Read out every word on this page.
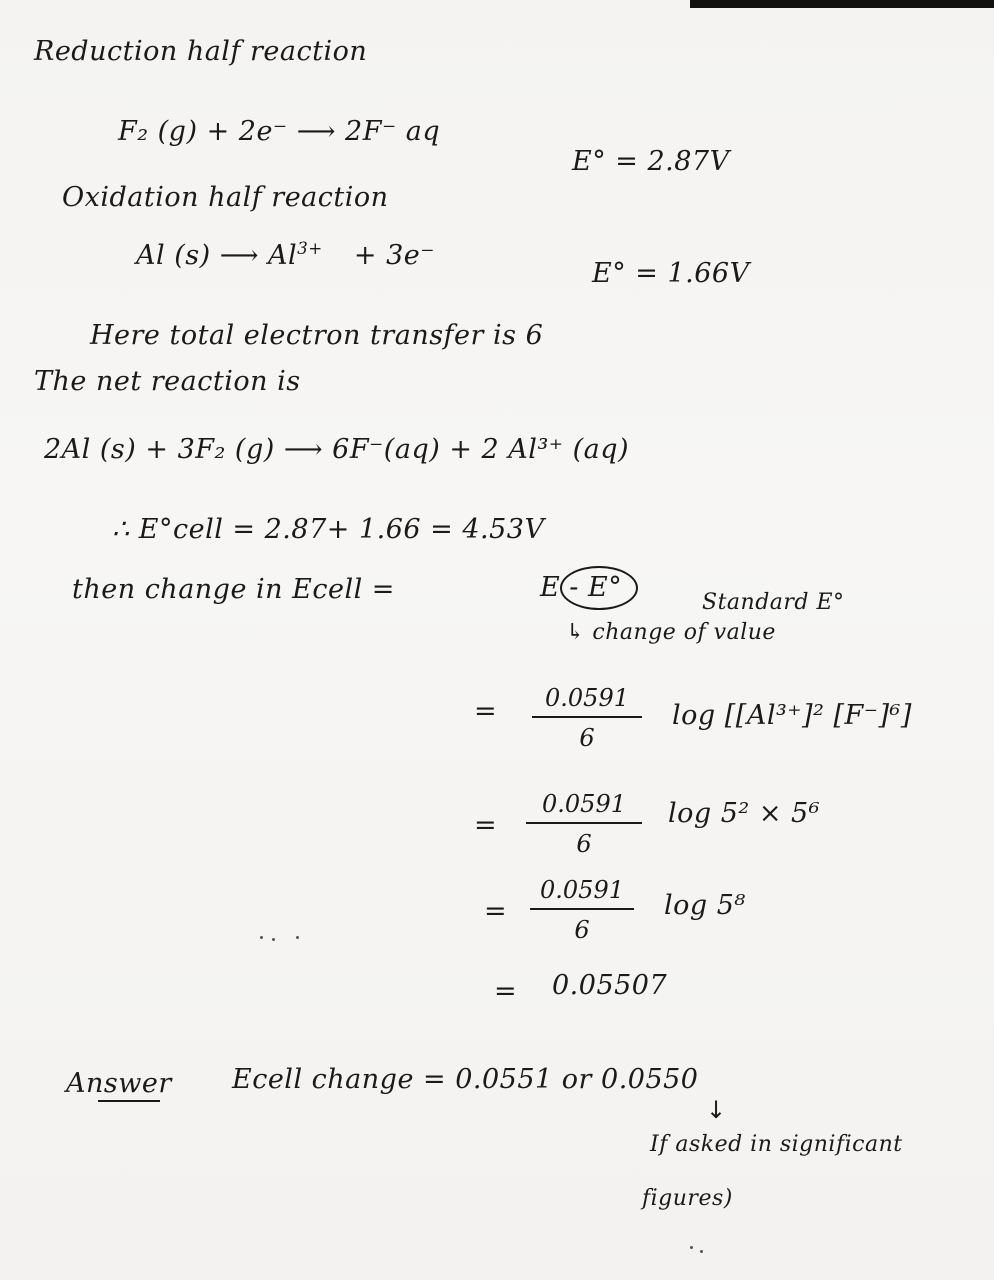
Reduction half reaction
F₂ (g) + 2e⁻ ⟶ 2F⁻ aq
E° = 2.87V
Oxidation half reaction
Al (s) ⟶ $Al^{3+} + 3e^-$
E° = 1.66V
Here total electron transfer is 6
The net reaction is
2Al (s) + 3F₂ (g) ⟶ 6F⁻(aq) + 2 Al³⁺ (aq)
∴ E°cell = 2.87+ 1.66 = 4.53V
then change in Ecell =	E - E°	Standard E°
↳ change of value
=	0.0591
6
log [[Al³⁺]² [F⁻]⁶]
=
0.0591
6
log 5² × 5⁶
=
0.0591
6
log 5⁸
= 0.05507
Answer Ecell change = 0.0551 or 0.0550
↓
If asked in significant
figures)
